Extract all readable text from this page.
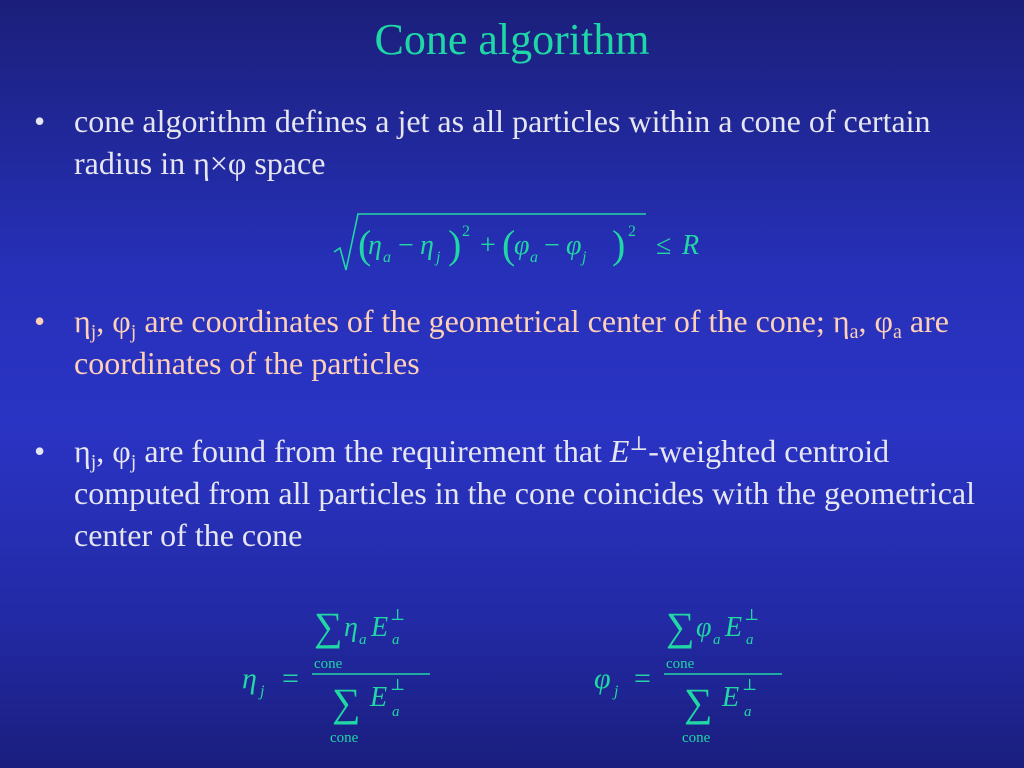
Cone algorithm
• cone algorithm defines a jet as all particles within a cone of certain radius in η×φ space
(
η a − η j ) 2 + (
φ a − φ j ) 2 ≤ R
• $\eta_j$, $\varphi_j$ are coordinates of the geometrical center of the cone; $\eta_a$, $\varphi_a$ are coordinates of the particles
• $\eta_j$, $\varphi_j$ are found from the requirement that E⊥-weighted centroid computed from all particles in the cone coincides with the geometrical center of the cone
η j =
∑ η a E ⊥
a
cone
∑ E ⊥
a
cone
φ j =
∑ φ a E ⊥
a
cone
∑ E ⊥
a
cone
